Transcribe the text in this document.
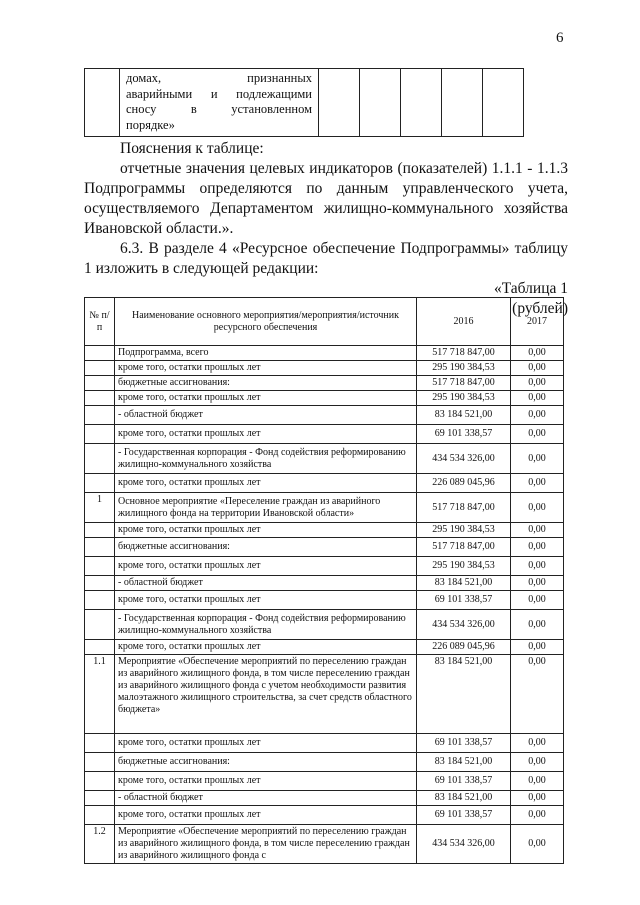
6

домах, признанных
аварийными и подлежащими
сносу в установленном
порядке»

Пояснения к таблице:

отчетные значения целевых индикаторов (показателей) 1.1.1 - 1.1.3 Подпрограммы определяются по данным управленческого учета, осуществляемого Департаментом жилищно-коммунального хозяйства Ивановской области.».

6.3. В разделе 4 «Ресурсное обеспечение Подпрограммы» таблицу 1 изложить в следующей редакции:

«Таблица 1

(рублей)

№ п/п	Наименование основного мероприятия/мероприятия/источник ресурсного обеспечения	2016	2017
	Подпрограмма, всего	517 718 847,00	0,00
	кроме того, остатки прошлых лет	295 190 384,53	0,00
	бюджетные ассигнования:	517 718 847,00	0,00
	кроме того, остатки прошлых лет	295 190 384,53	0,00
	- областной бюджет	83 184 521,00	0,00
	кроме того, остатки прошлых лет	69 101 338,57	0,00
	- Государственная корпорация - Фонд содействия реформированию жилищно-коммунального хозяйства	434 534 326,00	0,00
	кроме того, остатки прошлых лет	226 089 045,96	0,00
1	Основное мероприятие «Переселение граждан из аварийного жилищного фонда на территории Ивановской области»	517 718 847,00	0,00
	кроме того, остатки прошлых лет	295 190 384,53	0,00
	бюджетные ассигнования:	517 718 847,00	0,00
	кроме того, остатки прошлых лет	295 190 384,53	0,00
	- областной бюджет	83 184 521,00	0,00
	кроме того, остатки прошлых лет	69 101 338,57	0,00
	- Государственная корпорация - Фонд содействия реформированию жилищно-коммунального хозяйства	434 534 326,00	0,00
	кроме того, остатки прошлых лет	226 089 045,96	0,00
1.1	Мероприятие «Обеспечение мероприятий по переселению граждан из аварийного жилищного фонда, в том числе переселению граждан из аварийного жилищного фонда с учетом необходимости развития малоэтажного жилищного строительства, за счет средств областного бюджета»	83 184 521,00	0,00
	кроме того, остатки прошлых лет	69 101 338,57	0,00
	бюджетные ассигнования:	83 184 521,00	0,00
	кроме того, остатки прошлых лет	69 101 338,57	0,00
	- областной бюджет	83 184 521,00	0,00
	кроме того, остатки прошлых лет	69 101 338,57	0,00
1.2	Мероприятие «Обеспечение мероприятий по переселению граждан из аварийного жилищного фонда, в том числе переселению граждан из аварийного жилищного фонда с	434 534 326,00	0,00
